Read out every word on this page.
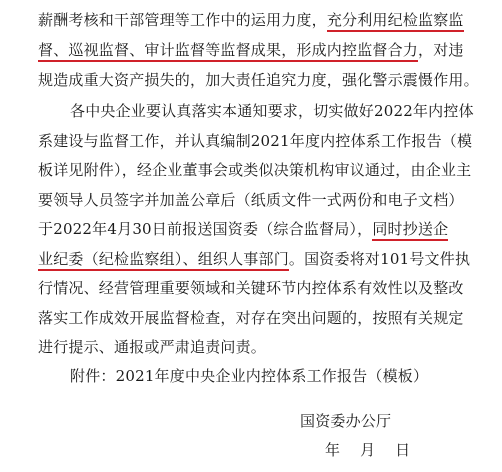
薪酬考核和干部管理等工作中的运用力度，充分利用纪检监察监
督、巡视监督、审计监督等监督成果，形成内控监督合力，对违
规造成重大资产损失的，加大责任追究力度，强化警示震慑作用。
各中央企业要认真落实本通知要求，切实做好2022年内控体
系建设与监督工作，并认真编制2021年度内控体系工作报告（模
板详见附件），经企业董事会或类似决策机构审议通过，由企业主
要领导人员签字并加盖公章后（纸质文件一式两份和电子文档）
于2022年4月30日前报送国资委（综合监督局），同时抄送企
业纪委（纪检监察组）、组织人事部门。国资委将对101号文件执
行情况、经营管理重要领域和关键环节内控体系有效性以及整改
落实工作成效开展监督检查，对存在突出问题的，按照有关规定
进行提示、通报或严肃追责问责。
附件：2021年度中央企业内控体系工作报告（模板）
国资委办公厅
年    月    日
